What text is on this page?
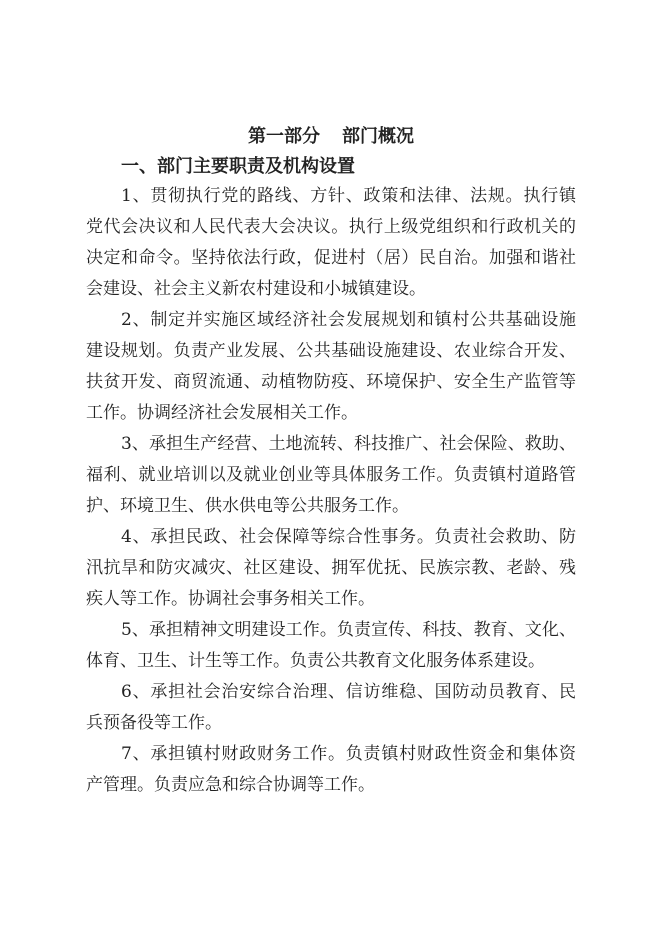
第一部分 部门概况
一、部门主要职责及机构设置
1、贯彻执行党的路线、方针、政策和法律、法规。执行镇
党代会决议和人民代表大会决议。执行上级党组织和行政机关的
决定和命令。坚持依法行政，促进村（居）民自治。加强和谐社
会建设、社会主义新农村建设和小城镇建设。
2、制定并实施区域经济社会发展规划和镇村公共基础设施
建设规划。负责产业发展、公共基础设施建设、农业综合开发、
扶贫开发、商贸流通、动植物防疫、环境保护、安全生产监管等
工作。协调经济社会发展相关工作。
3、承担生产经营、土地流转、科技推广、社会保险、救助、
福利、就业培训以及就业创业等具体服务工作。负责镇村道路管
护、环境卫生、供水供电等公共服务工作。
4、承担民政、社会保障等综合性事务。负责社会救助、防
汛抗旱和防灾减灾、社区建设、拥军优抚、民族宗教、老龄、残
疾人等工作。协调社会事务相关工作。
5、承担精神文明建设工作。负责宣传、科技、教育、文化、
体育、卫生、计生等工作。负责公共教育文化服务体系建设。
6、承担社会治安综合治理、信访维稳、国防动员教育、民
兵预备役等工作。
7、承担镇村财政财务工作。负责镇村财政性资金和集体资
产管理。负责应急和综合协调等工作。
